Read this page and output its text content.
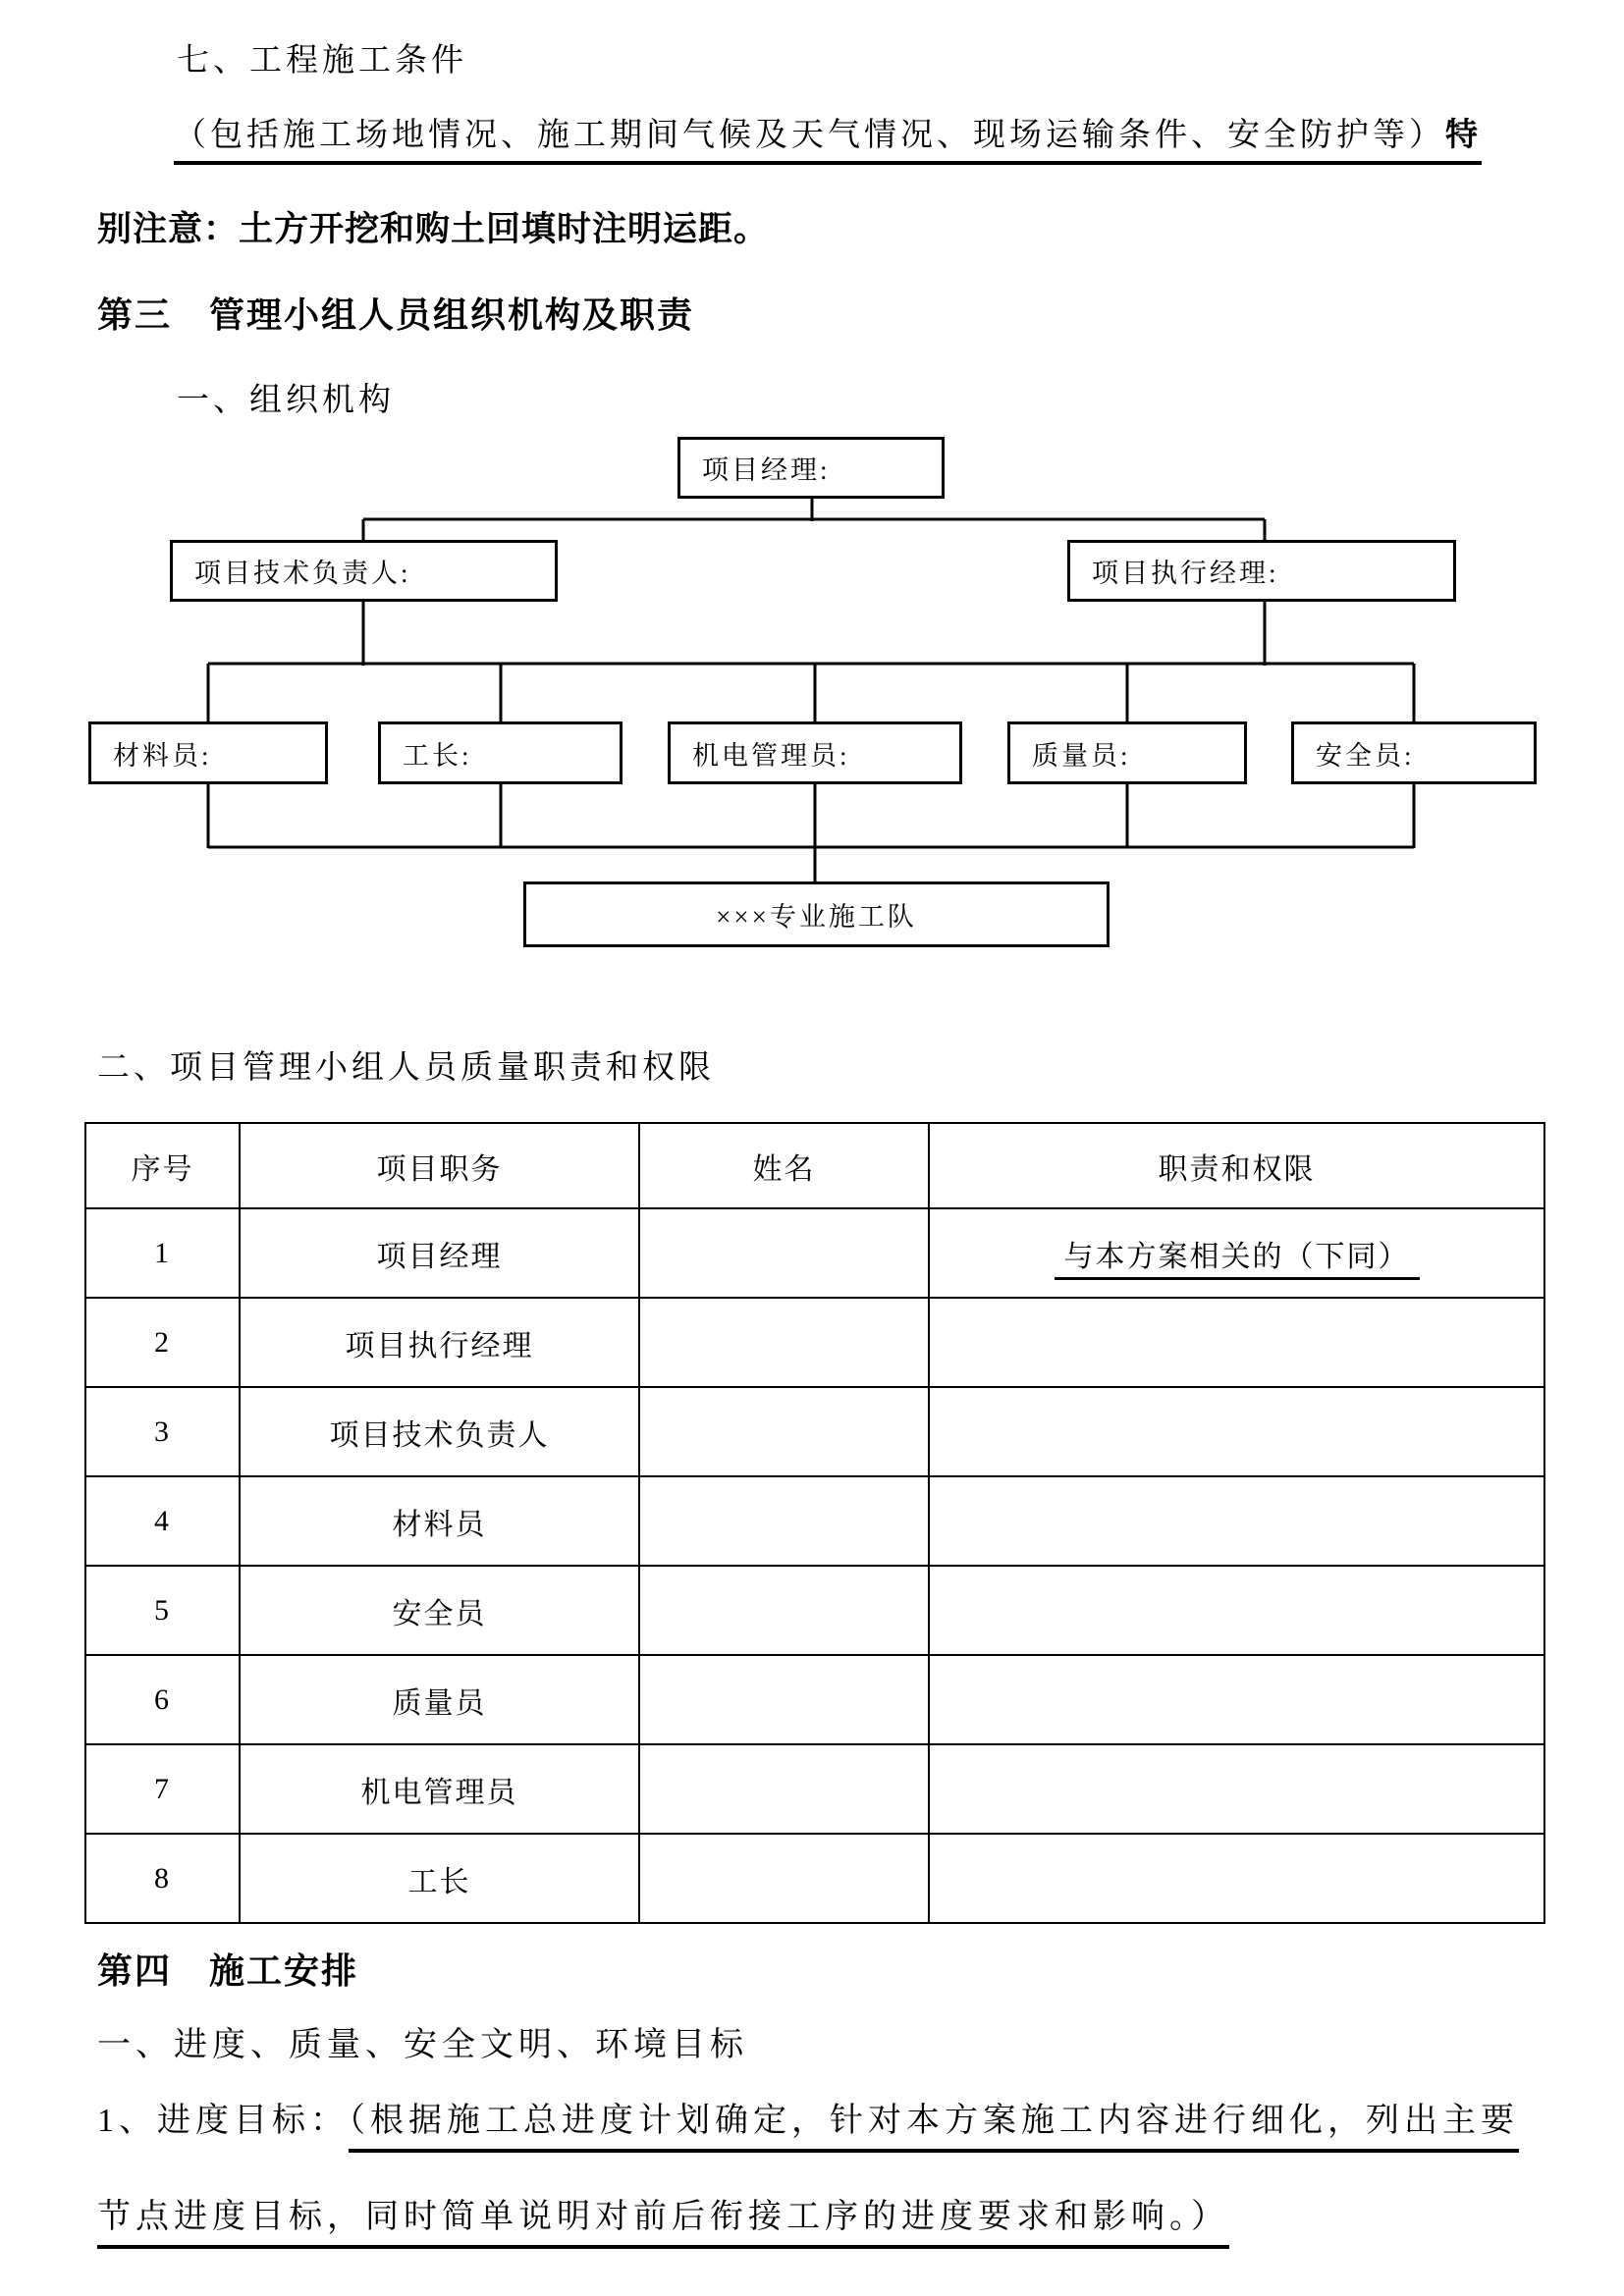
七、工程施工条件
（包括施工场地情况、施工期间气候及天气情况、现场运输条件、安全防护等）特
别注意：土方开挖和购土回填时注明运距。
第三　管理小组人员组织机构及职责
一、组织机构
项目经理:
项目技术负责人:	项目执行经理:
材料员:	工长:	机电管理员:	质量员:	安全员:
×××专业施工队
二、项目管理小组人员质量职责和权限
序号	项目职务	姓名	职责和权限
1	项目经理		与本方案相关的（下同）
2	项目执行经理		
3	项目技术负责人		
4	材料员		
5	安全员		
6	质量员		
7	机电管理员		
8	工长		
第四　施工安排
一、进度、质量、安全文明、环境目标
1、进度目标：（根据施工总进度计划确定，针对本方案施工内容进行细化，列出主要
节点进度目标，同时简单说明对前后衔接工序的进度要求和影响。）
